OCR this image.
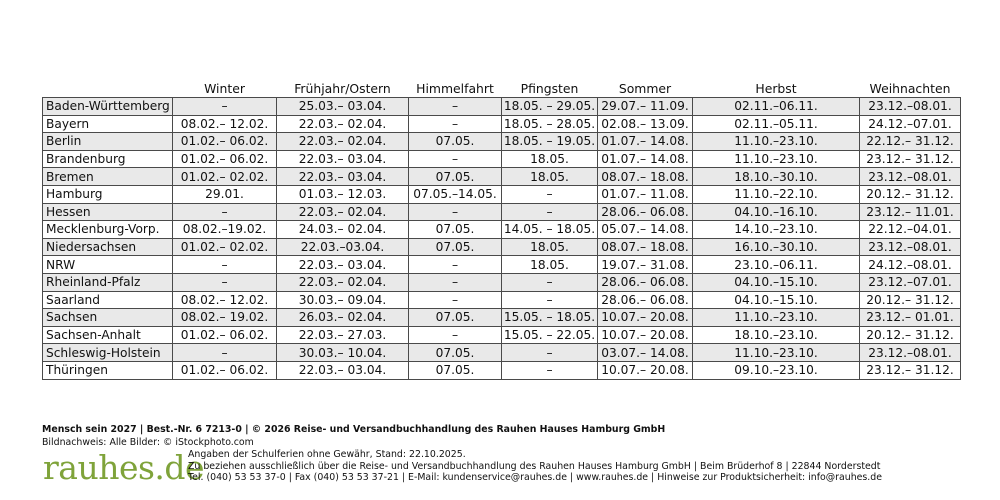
	Winter	Frühjahr/Ostern	Himmelfahrt	Pfingsten	Sommer	Herbst	Weihnachten
Baden-Württemberg	–	25.03.– 03.04.	–	18.05. – 29.05.	29.07.– 11.09.	02.11.–06.11.	23.12.–08.01.
Bayern	08.02.– 12.02.	22.03.– 02.04.	–	18.05. – 28.05.	02.08.– 13.09.	02.11.–05.11.	24.12.–07.01.
Berlin	01.02.– 06.02.	22.03.– 02.04.	07.05.	18.05. – 19.05.	01.07.– 14.08.	11.10.–23.10.	22.12.– 31.12.
Brandenburg	01.02.– 06.02.	22.03.– 03.04.	–	18.05.	01.07.– 14.08.	11.10.–23.10.	23.12.– 31.12.
Bremen	01.02.– 02.02.	22.03.– 03.04.	07.05.	18.05.	08.07.– 18.08.	18.10.–30.10.	23.12.–08.01.
Hamburg	29.01.	01.03.– 12.03.	07.05.–14.05.	–	01.07.– 11.08.	11.10.–22.10.	20.12.– 31.12.
Hessen	–	22.03.– 02.04.	–	–	28.06.– 06.08.	04.10.–16.10.	23.12.– 11.01.
Mecklenburg-Vorp.	08.02.–19.02.	24.03.– 02.04.	07.05.	14.05. – 18.05.	05.07.– 14.08.	14.10.–23.10.	22.12.–04.01.
Niedersachsen	01.02.– 02.02.	22.03.–03.04.	07.05.	18.05.	08.07.– 18.08.	16.10.–30.10.	23.12.–08.01.
NRW	–	22.03.– 03.04.	–	18.05.	19.07.– 31.08.	23.10.–06.11.	24.12.–08.01.
Rheinland-Pfalz	–	22.03.– 02.04.	–	–	28.06.– 06.08.	04.10.–15.10.	23.12.–07.01.
Saarland	08.02.– 12.02.	30.03.– 09.04.	–	–	28.06.– 06.08.	04.10.–15.10.	20.12.– 31.12.
Sachsen	08.02.– 19.02.	26.03.– 02.04.	07.05.	15.05. – 18.05.	10.07.– 20.08.	11.10.–23.10.	23.12.– 01.01.
Sachsen-Anhalt	01.02.– 06.02.	22.03.– 27.03.	–	15.05. – 22.05.	10.07.– 20.08.	18.10.–23.10.	20.12.– 31.12.
Schleswig-Holstein	–	30.03.– 10.04.	07.05.	–	03.07.– 14.08.	11.10.–23.10.	23.12.–08.01.
Thüringen	01.02.– 06.02.	22.03.– 03.04.	07.05.	–	10.07.– 20.08.	09.10.–23.10.	23.12.– 31.12.
Mensch sein 2027 | Best.-Nr. 6 7213-0 | © 2026 Reise- und Versandbuchhandlung des Rauhen Hauses Hamburg GmbH
Bildnachweis: Alle Bilder: © iStockphoto.com
rauhes.de
Angaben der Schulferien ohne Gewähr, Stand: 22.10.2025.
Zu beziehen ausschließlich über die Reise- und Versandbuchhandlung des Rauhen Hauses Hamburg GmbH | Beim Brüderhof 8 | 22844 Norderstedt
Tel. (040) 53 53 37-0 | Fax (040) 53 53 37-21 | E-Mail: kundenservice@rauhes.de | www.rauhes.de | Hinweise zur Produktsicherheit: info@rauhes.de
